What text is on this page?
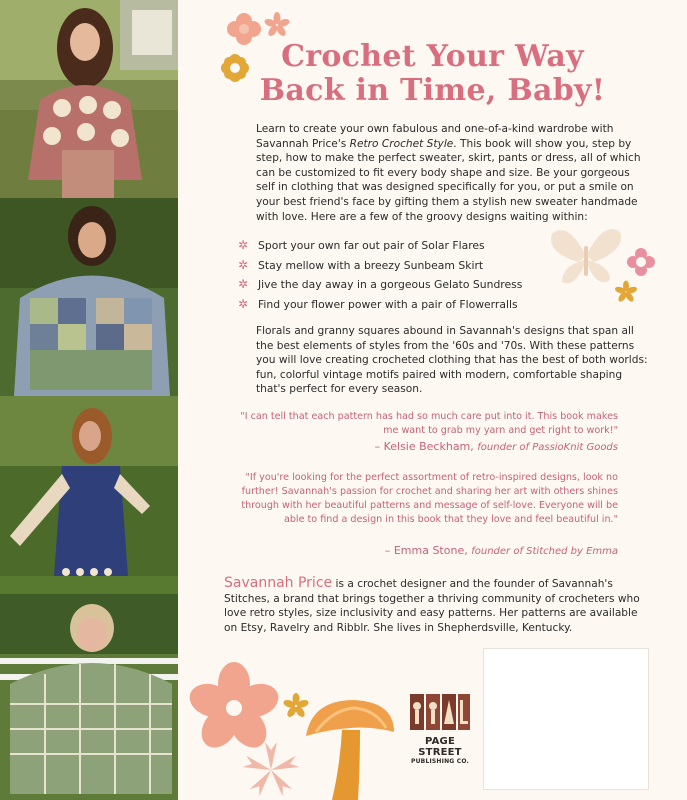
Crochet Your Way
Back in Time, Baby!
Learn to create your own fabulous and one-of-a-kind wardrobe with Savannah Price's Retro Crochet Style. This book will show you, step by step, how to make the perfect sweater, skirt, pants or dress, all of which can be customized to fit every body shape and size. Be your gorgeous self in clothing that was designed specifically for you, or put a smile on your best friend's face by gifting them a stylish new sweater handmade with love. Here are a few of the groovy designs waiting within:
✲ Sport your own far out pair of Solar Flares
✲ Stay mellow with a breezy Sunbeam Skirt
✲ Jive the day away in a gorgeous Gelato Sundress
✲ Find your flower power with a pair of Flowerralls
Florals and granny squares abound in Savannah's designs that span all the best elements of styles from the '60s and '70s. With these patterns you will love creating crocheted clothing that has the best of both worlds: fun, colorful vintage motifs paired with modern, comfortable shaping that's perfect for every season.
"I can tell that each pattern has had so much care put into it. This book makes me want to grab my yarn and get right to work!"
– Kelsie Beckham, founder of PassioKnit Goods
"If you're looking for the perfect assortment of retro-inspired designs, look no further! Savannah's passion for crochet and sharing her art with others shines through with her beautiful patterns and message of self-love. Everyone will be able to find a design in this book that they love and feel beautiful in."
– Emma Stone, founder of Stitched by Emma
Savannah Price is a crochet designer and the founder of Savannah's Stitches, a brand that brings together a thriving community of crocheters who love retro styles, size inclusivity and easy patterns. Her patterns are available on Etsy, Ravelry and Ribblr. She lives in Shepherdsville, Kentucky.
PAGE STREET
PUBLISHING CO.
